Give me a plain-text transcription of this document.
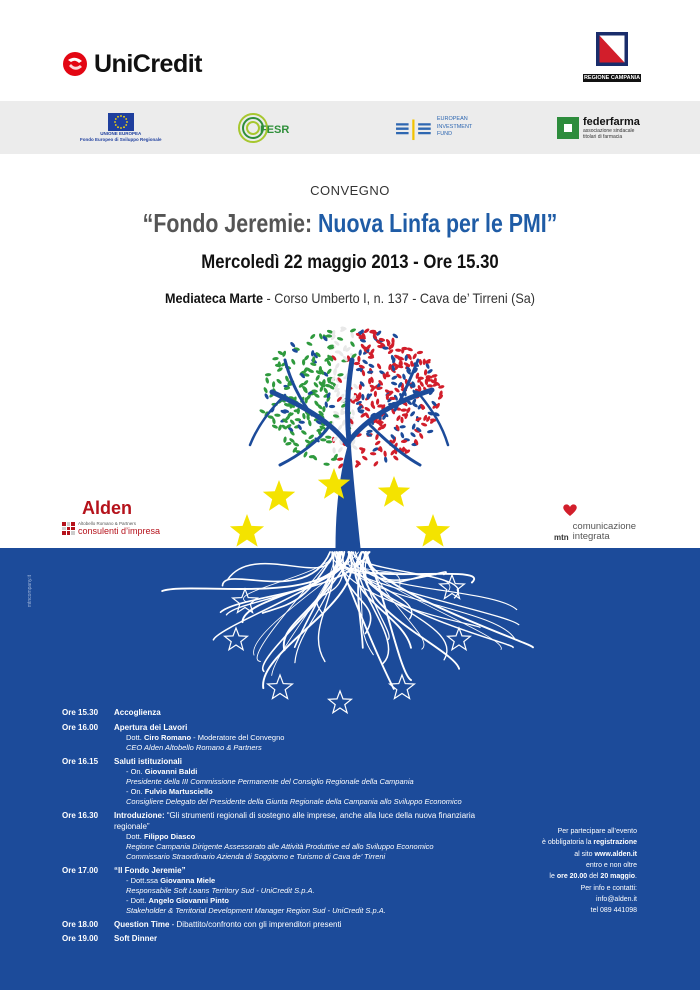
UniCredit
REGIONE CAMPANIA
UNIONE EUROPEA
Fondo Europeo di Sviluppo Regionale
FESR	≡|≡ EUROPEAN
INVESTMENT
FUND
federfarma
associazione sindacale
titolari di farmacia
CONVEGNO
“Fondo Jeremie: Nuova Linfa per le PMI”
Mercoledì 22 maggio 2013 - Ore 15.30
Mediateca Marte - Corso Umberto I, n. 137 - Cava de’ Tirreni (Sa)
Alden
Altobello Romano & Partners
consulenti d’impresa
mtn
comunicazione
integrata
mtncompany.it
Ore 15.30	Accoglienza
Ore 16.00	Apertura dei Lavori
Dott. Ciro Romano - Moderatore del Convegno
CEO Alden Altobello Romano & Partners
Ore 16.15	Saluti istituzionali
- On. Giovanni Baldi
Presidente della III Commissione Permanente del Consiglio Regionale della Campania
- On. Fulvio Martusciello
Consigliere Delegato del Presidente della Giunta Regionale della Campania allo Sviluppo Economico
Ore 16.30	Introduzione: “Gli strumenti regionali di sostegno alle imprese, anche alla luce della nuova finanziaria regionale”
Dott. Filippo Diasco
Regione Campania Dirigente Assessorato alle Attività Produttive ed allo Sviluppo Economico
Commissario Straordinario Azienda di Soggiorno e Turismo di Cava de’ Tirreni
Ore 17.00	“Il Fondo Jeremie”
- Dott.ssa Giovanna Miele
Responsabile Soft Loans Territory Sud - UniCredit S.p.A.
- Dott. Angelo Giovanni Pinto
Stakeholder & Territorial Development Manager Region Sud - UniCredit S.p.A.
Ore 18.00	Question Time - Dibattito/confronto con gli imprenditori presenti
Ore 19.00	Soft Dinner
Per partecipare all’evento
è obbligatoria la registrazione
al sito www.alden.it
entro e non oltre
le ore 20.00 del 20 maggio.
Per info e contatti:
info@alden.it
tel 089 441098
